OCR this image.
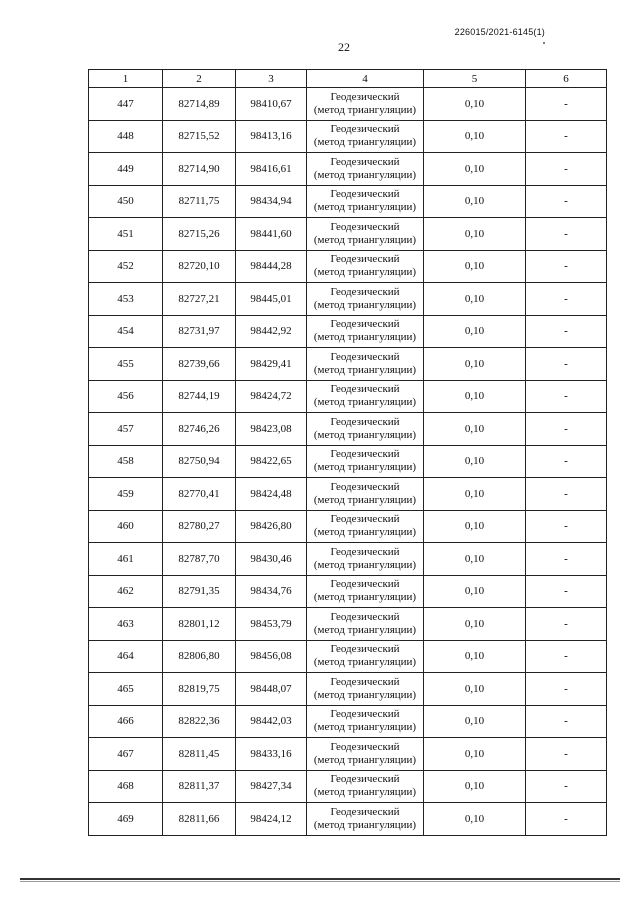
226015/2021-6145(1)
22
1	2	3	4	5	6
447	82714,89	98410,67	Геодезический
(метод триангуляции)	0,10	-
448	82715,52	98413,16	Геодезический
(метод триангуляции)	0,10	-
449	82714,90	98416,61	Геодезический
(метод триангуляции)	0,10	-
450	82711,75	98434,94	Геодезический
(метод триангуляции)	0,10	-
451	82715,26	98441,60	Геодезический
(метод триангуляции)	0,10	-
452	82720,10	98444,28	Геодезический
(метод триангуляции)	0,10	-
453	82727,21	98445,01	Геодезический
(метод триангуляции)	0,10	-
454	82731,97	98442,92	Геодезический
(метод триангуляции)	0,10	-
455	82739,66	98429,41	Геодезический
(метод триангуляции)	0,10	-
456	82744,19	98424,72	Геодезический
(метод триангуляции)	0,10	-
457	82746,26	98423,08	Геодезический
(метод триангуляции)	0,10	-
458	82750,94	98422,65	Геодезический
(метод триангуляции)	0,10	-
459	82770,41	98424,48	Геодезический
(метод триангуляции)	0,10	-
460	82780,27	98426,80	Геодезический
(метод триангуляции)	0,10	-
461	82787,70	98430,46	Геодезический
(метод триангуляции)	0,10	-
462	82791,35	98434,76	Геодезический
(метод триангуляции)	0,10	-
463	82801,12	98453,79	Геодезический
(метод триангуляции)	0,10	-
464	82806,80	98456,08	Геодезический
(метод триангуляции)	0,10	-
465	82819,75	98448,07	Геодезический
(метод триангуляции)	0,10	-
466	82822,36	98442,03	Геодезический
(метод триангуляции)	0,10	-
467	82811,45	98433,16	Геодезический
(метод триангуляции)	0,10	-
468	82811,37	98427,34	Геодезический
(метод триангуляции)	0,10	-
469	82811,66	98424,12	Геодезический
(метод триангуляции)	0,10	-
